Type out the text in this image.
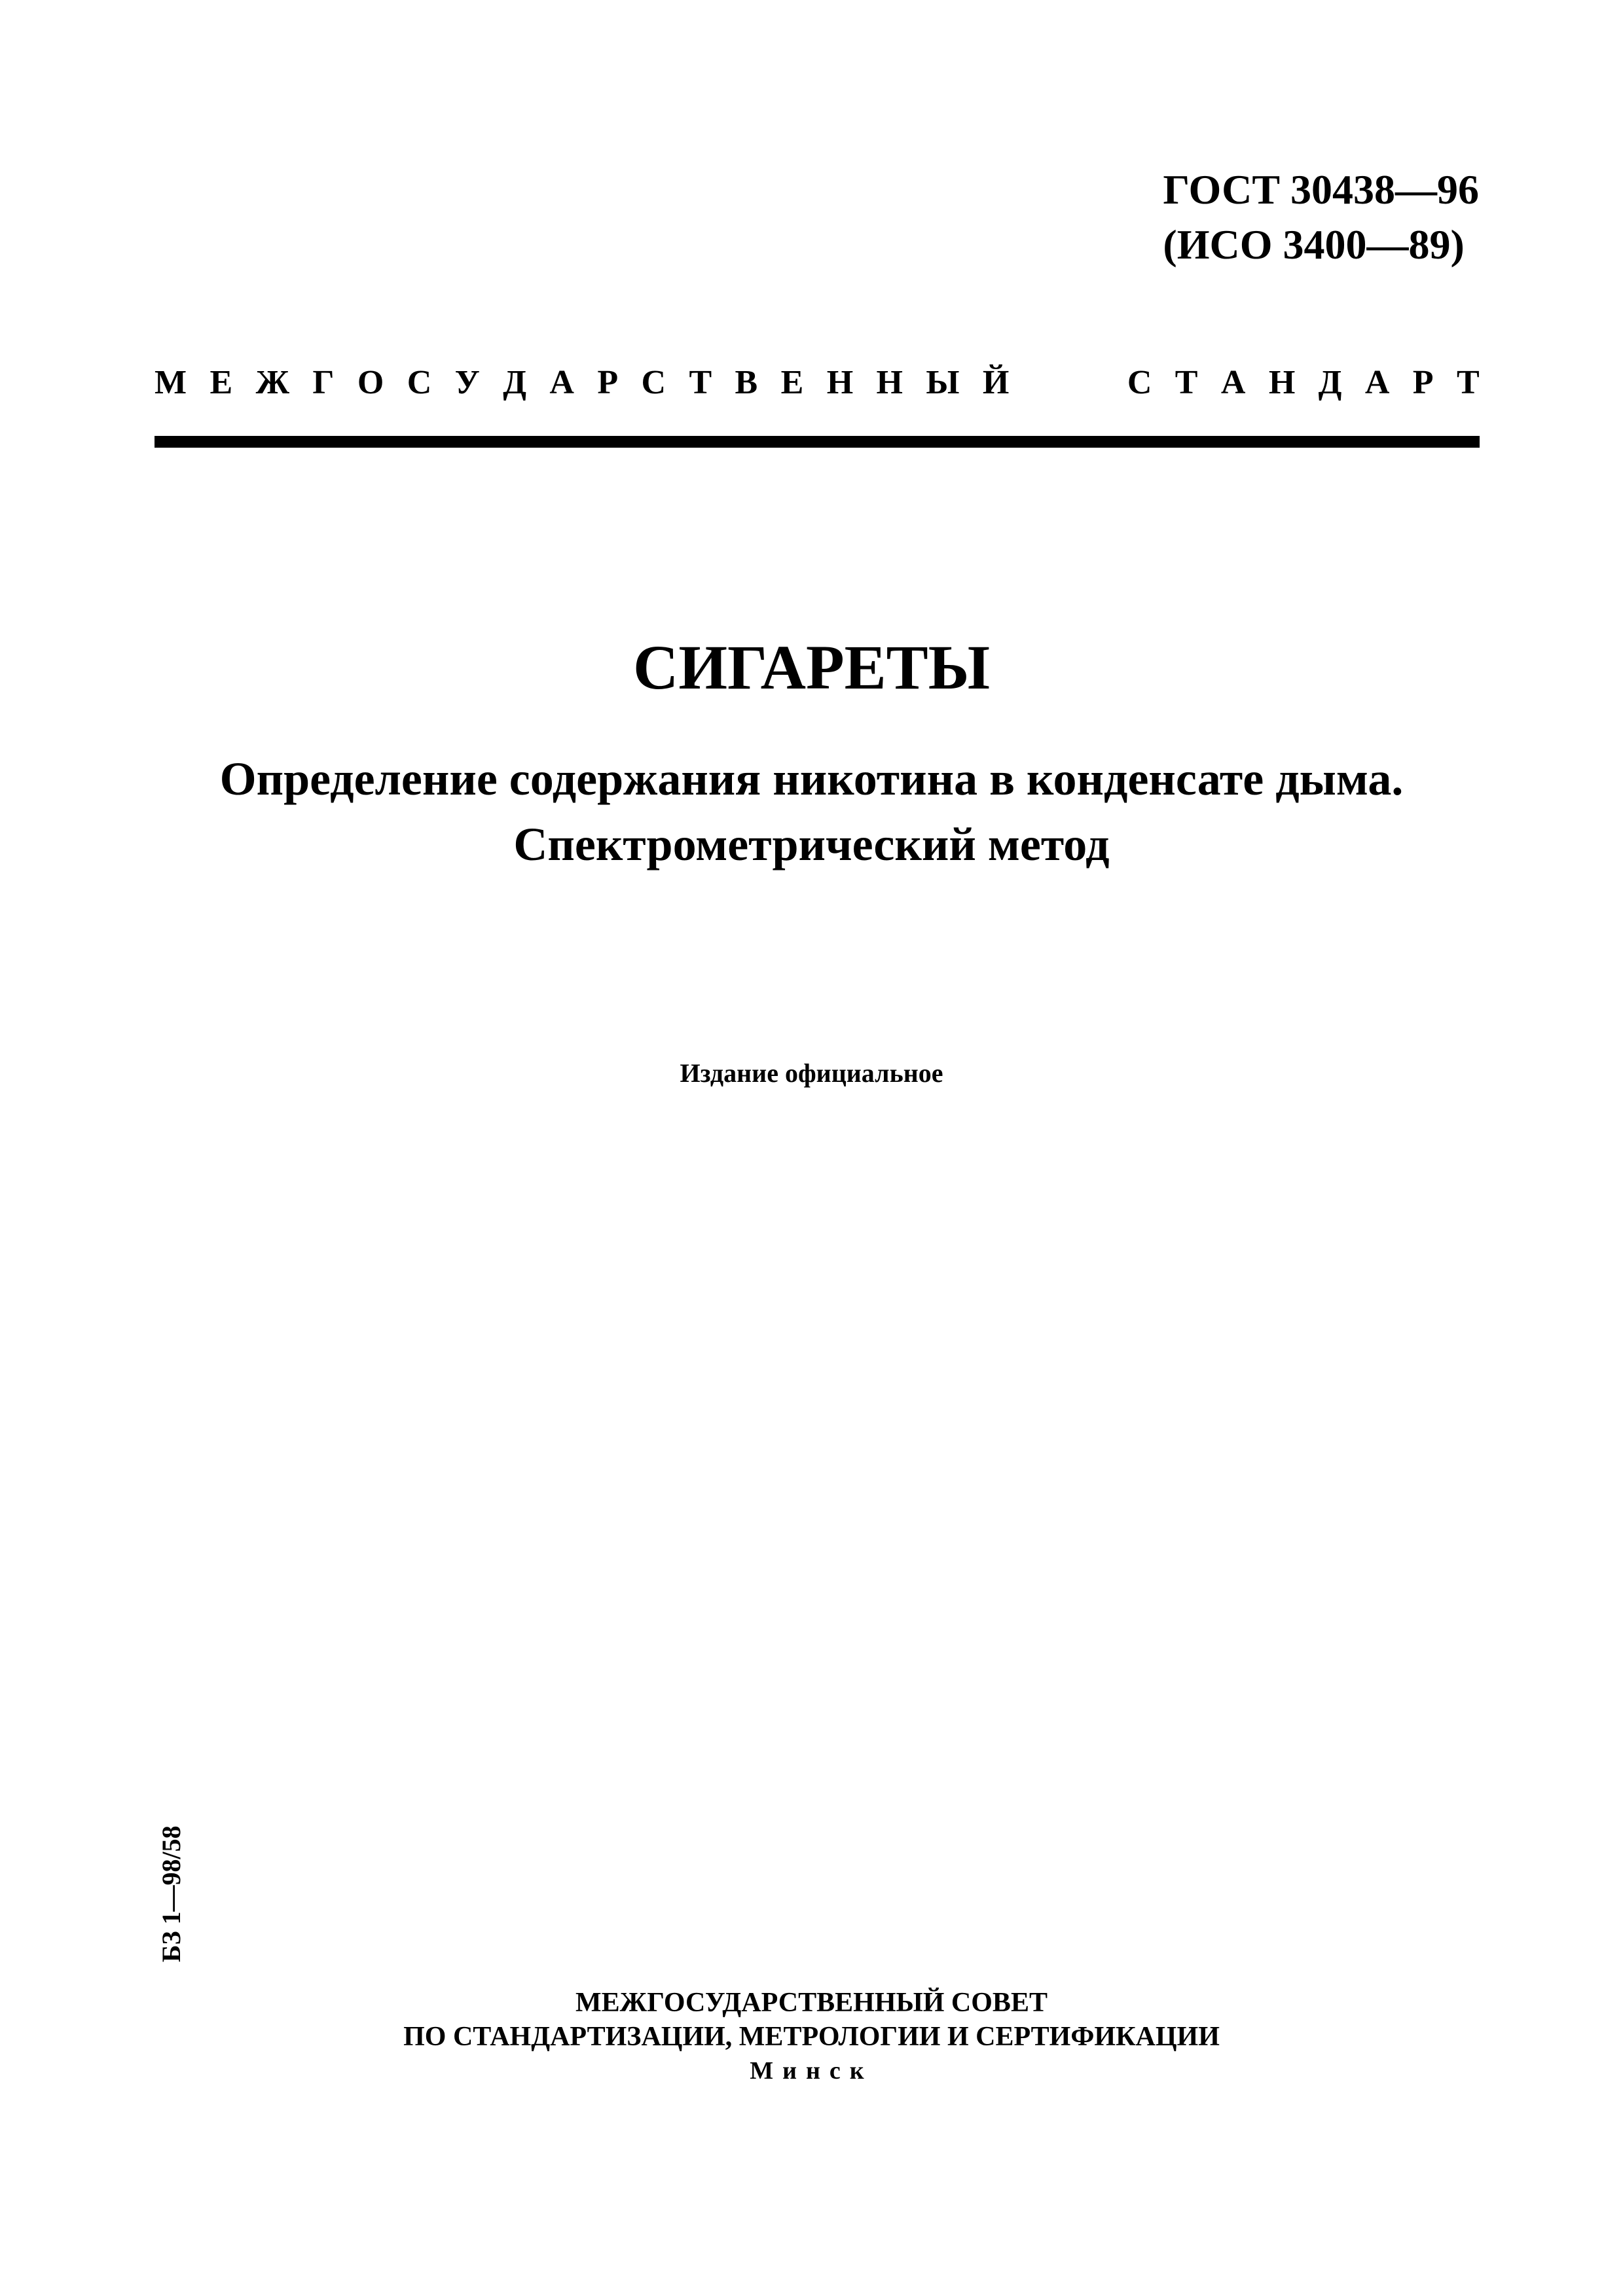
ГОСТ 30438—96
(ИСО 3400—89)
М Е Ж Г О С У Д А Р С Т В Е Н Н Ы Й

	С Т А Н Д А Р Т
СИГАРЕТЫ
Определение содержания никотина в конденсате дыма.
Спектрометрический метод
Издание официальное
БЗ 1—98/58
МЕЖГОСУДАРСТВЕННЫЙ СОВЕТ
ПО СТАНДАРТИЗАЦИИ, МЕТРОЛОГИИ И СЕРТИФИКАЦИИ
Минск
